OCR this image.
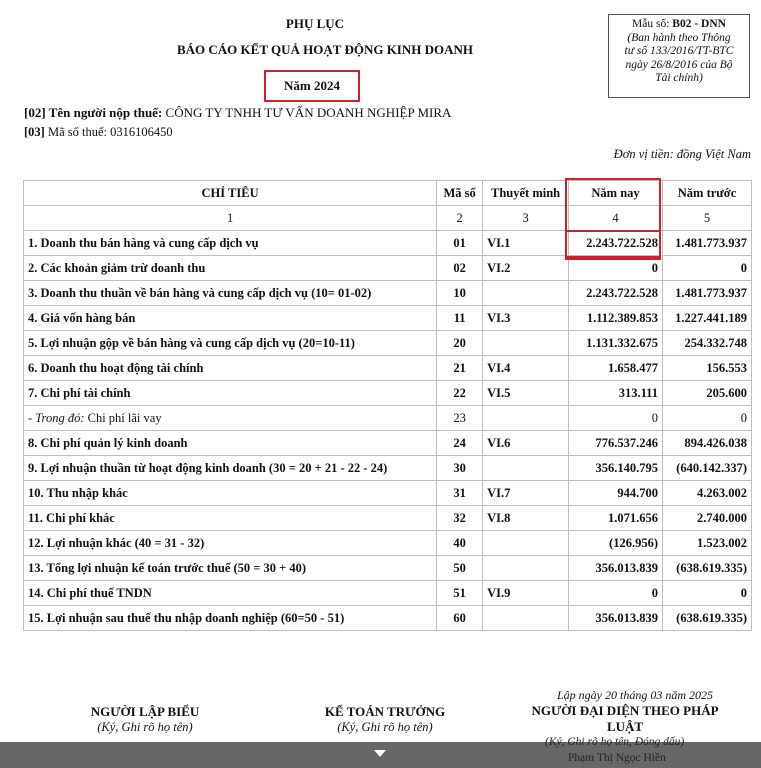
PHỤ LỤC
BÁO CÁO KẾT QUẢ HOẠT ĐỘNG KINH DOANH
Năm 2024
Mẫu số: B02 - DNN
(Ban hành theo Thông
tư số 133/2016/TT-BTC
ngày 26/8/2016 của Bộ
Tài chính)
[02] Tên người nộp thuế: CÔNG TY TNHH TƯ VẤN DOANH NGHIỆP MIRA
[03] Mã số thuế: 0316106450
Đơn vị tiền: đồng Việt Nam
CHỈ TIÊU	Mã số	Thuyết minh	Năm nay	Năm trước
1	2	3	4	5
1. Doanh thu bán hàng và cung cấp dịch vụ	01	VI.1	2.243.722.528	1.481.773.937
2. Các khoản giảm trừ doanh thu	02	VI.2	0	0
3. Doanh thu thuần về bán hàng và cung cấp dịch vụ (10= 01-02)	10		2.243.722.528	1.481.773.937
4. Giá vốn hàng bán	11	VI.3	1.112.389.853	1.227.441.189
5. Lợi nhuận gộp về bán hàng và cung cấp dịch vụ (20=10-11)	20		1.131.332.675	254.332.748
6. Doanh thu hoạt động tài chính	21	VI.4	1.658.477	156.553
7. Chi phí tài chính	22	VI.5	313.111	205.600
- Trong đó: Chi phí lãi vay	23		0	0
8. Chi phí quản lý kinh doanh	24	VI.6	776.537.246	894.426.038
9. Lợi nhuận thuần từ hoạt động kinh doanh (30 = 20 + 21 - 22 - 24)	30		356.140.795	(640.142.337)
10. Thu nhập khác	31	VI.7	944.700	4.263.002
11. Chi phí khác	32	VI.8	1.071.656	2.740.000
12. Lợi nhuận khác (40 = 31 - 32)	40		(126.956)	1.523.002
13. Tổng lợi nhuận kế toán trước thuế (50 = 30 + 40)	50		356.013.839	(638.619.335)
14. Chi phí thuế TNDN	51	VI.9	0	0
15. Lợi nhuận sau thuế thu nhập doanh nghiệp (60=50 - 51)	60		356.013.839	(638.619.335)
Lập ngày 20 tháng 03 năm 2025
NGƯỜI LẬP BIỂU
(Ký, Ghi rõ họ tên)
KẾ TOÁN TRƯỞNG
(Ký, Ghi rõ họ tên)
NGƯỜI ĐẠI DIỆN THEO PHÁP
LUẬT
(Ký, Ghi rõ họ tên, Đóng dấu)
Phạm Thị Ngọc Hiền
